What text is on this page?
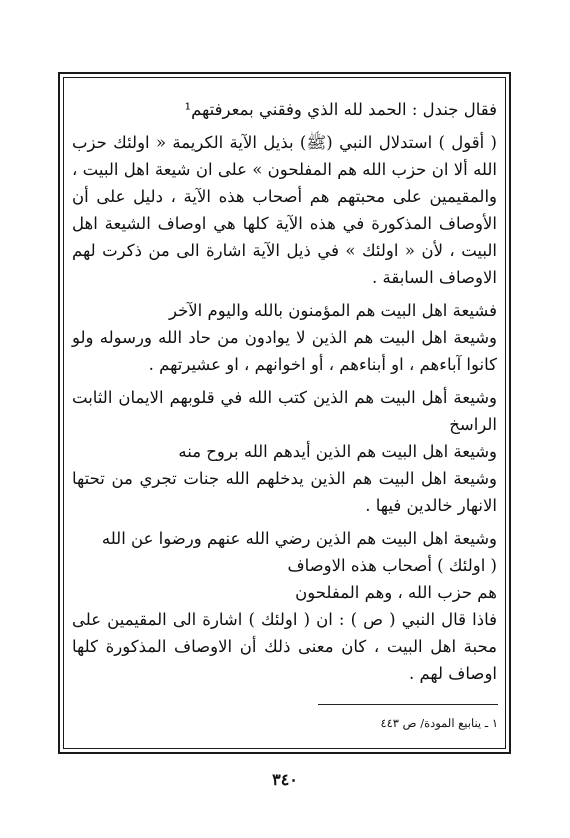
فقال جندل : الحمد لله الذي وفقني بمعرفتهم¹

( أقول ) استدلال النبي (ﷺ) بذيل الآية الكريمة « اولئك حزب الله ألا ان حزب الله هم المفلحون » على ان شيعة اهل البيت ، والمقيمين على محبتهم هم أصحاب هذه الآية ، دليل على أن الأوصاف المذكورة في هذه الآية كلها هي اوصاف الشيعة اهل البيت ، لأن « اولئك » في ذيل الآية اشارة الى من ذكرت لهم الاوصاف السابقة .

فشيعة اهل البيت هم المؤمنون بالله واليوم الآخر

وشيعة اهل البيت هم الذين لا يوادون من حاد الله ورسوله ولو كانوا آباءهم ، او أبناءهم ، أو اخوانهم ، او عشيرتهم .

وشيعة أهل البيت هم الذين كتب الله في قلوبهم الايمان الثابت الراسخ

وشيعة اهل البيت هم الذين أيدهم الله بروح منه

وشيعة اهل البيت هم الذين يدخلهم الله جنات تجري من تحتها الانهار خالدين فيها .

وشيعة اهل البيت هم الذين رضي الله عنهم ورضوا عن الله

( اولئك ) أصحاب هذه الاوصاف

هم حزب الله ، وهم المفلحون

فاذا قال النبي ( ص ) : ان ( اولئك ) اشارة الى المقيمين على محبة اهل البيت ، كان معنى ذلك أن الاوصاف المذكورة كلها اوصاف لهم .

١ ـ ينابيع المودة/ ص ٤٤٣
٣٤٠
